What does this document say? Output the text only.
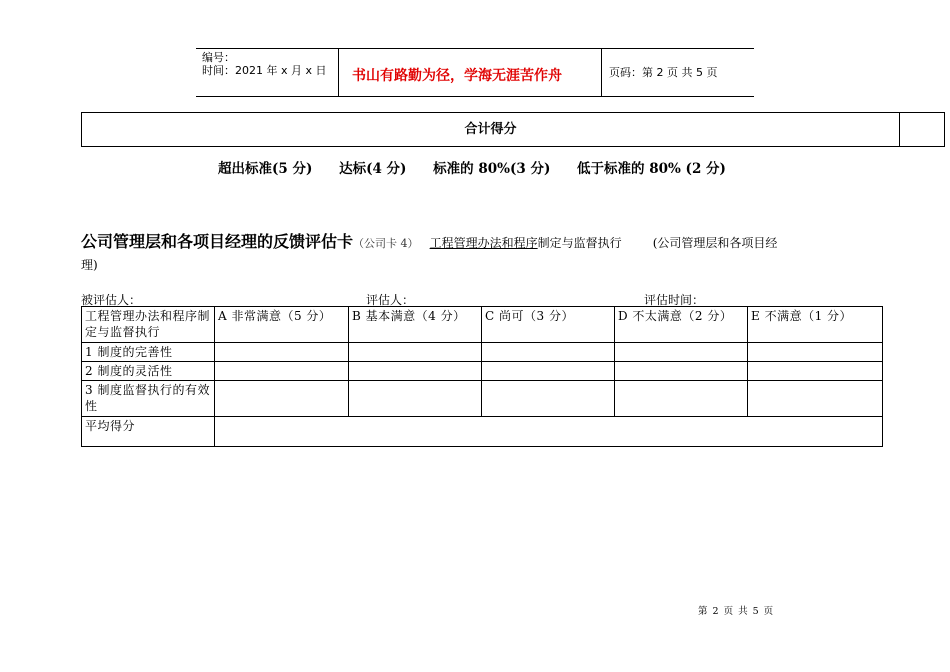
编号：
时间：2021 年 x 月 x 日 书山有路勤为径，学海无涯苦作舟	页码：第 2 页 共 5 页
合计得分
超出标准(5 分) 达标(4 分) 标准的 80%(3 分) 低于标准的 80% (2 分)
公司管理层和各项目经理的反馈评估卡（公司卡 4） 工程管理办法和程序制定与监督执行	(公司管理层和各项目经
理)
被评估人：	评估人：	评估时间：
工程管理办法和程序制定与监督执行	A 非常满意（5 分）	B 基本满意（4 分）	C 尚可（3 分）	D 不太满意（2 分）	E 不满意（1 分）
1 制度的完善性					
2 制度的灵活性					
3 制度监督执行的有效性					
平均得分					
第 2 页 共 5 页
